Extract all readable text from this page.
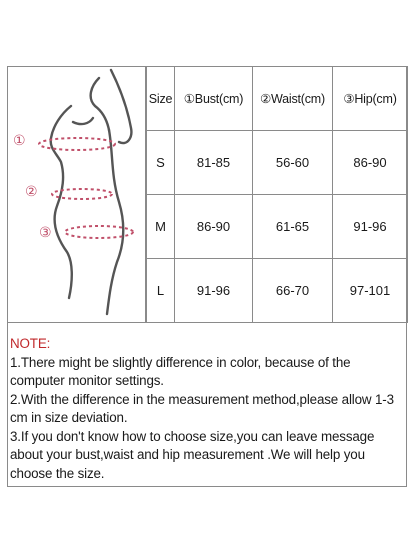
①
②
③
Size	①Bust(cm)	②Waist(cm)	③Hip(cm)
S	81-85	56-60	86-90
M	86-90	61-65	91-96
L	91-96	66-70	97-101

NOTE:

1.There might be slightly difference in color, because of the computer monitor settings.

2.With the difference in the measurement method,please allow 1-3 cm in size deviation.

3.If you don't know how to choose size,you can leave message about your bust,waist and hip measurement .We will help you choose the size.
